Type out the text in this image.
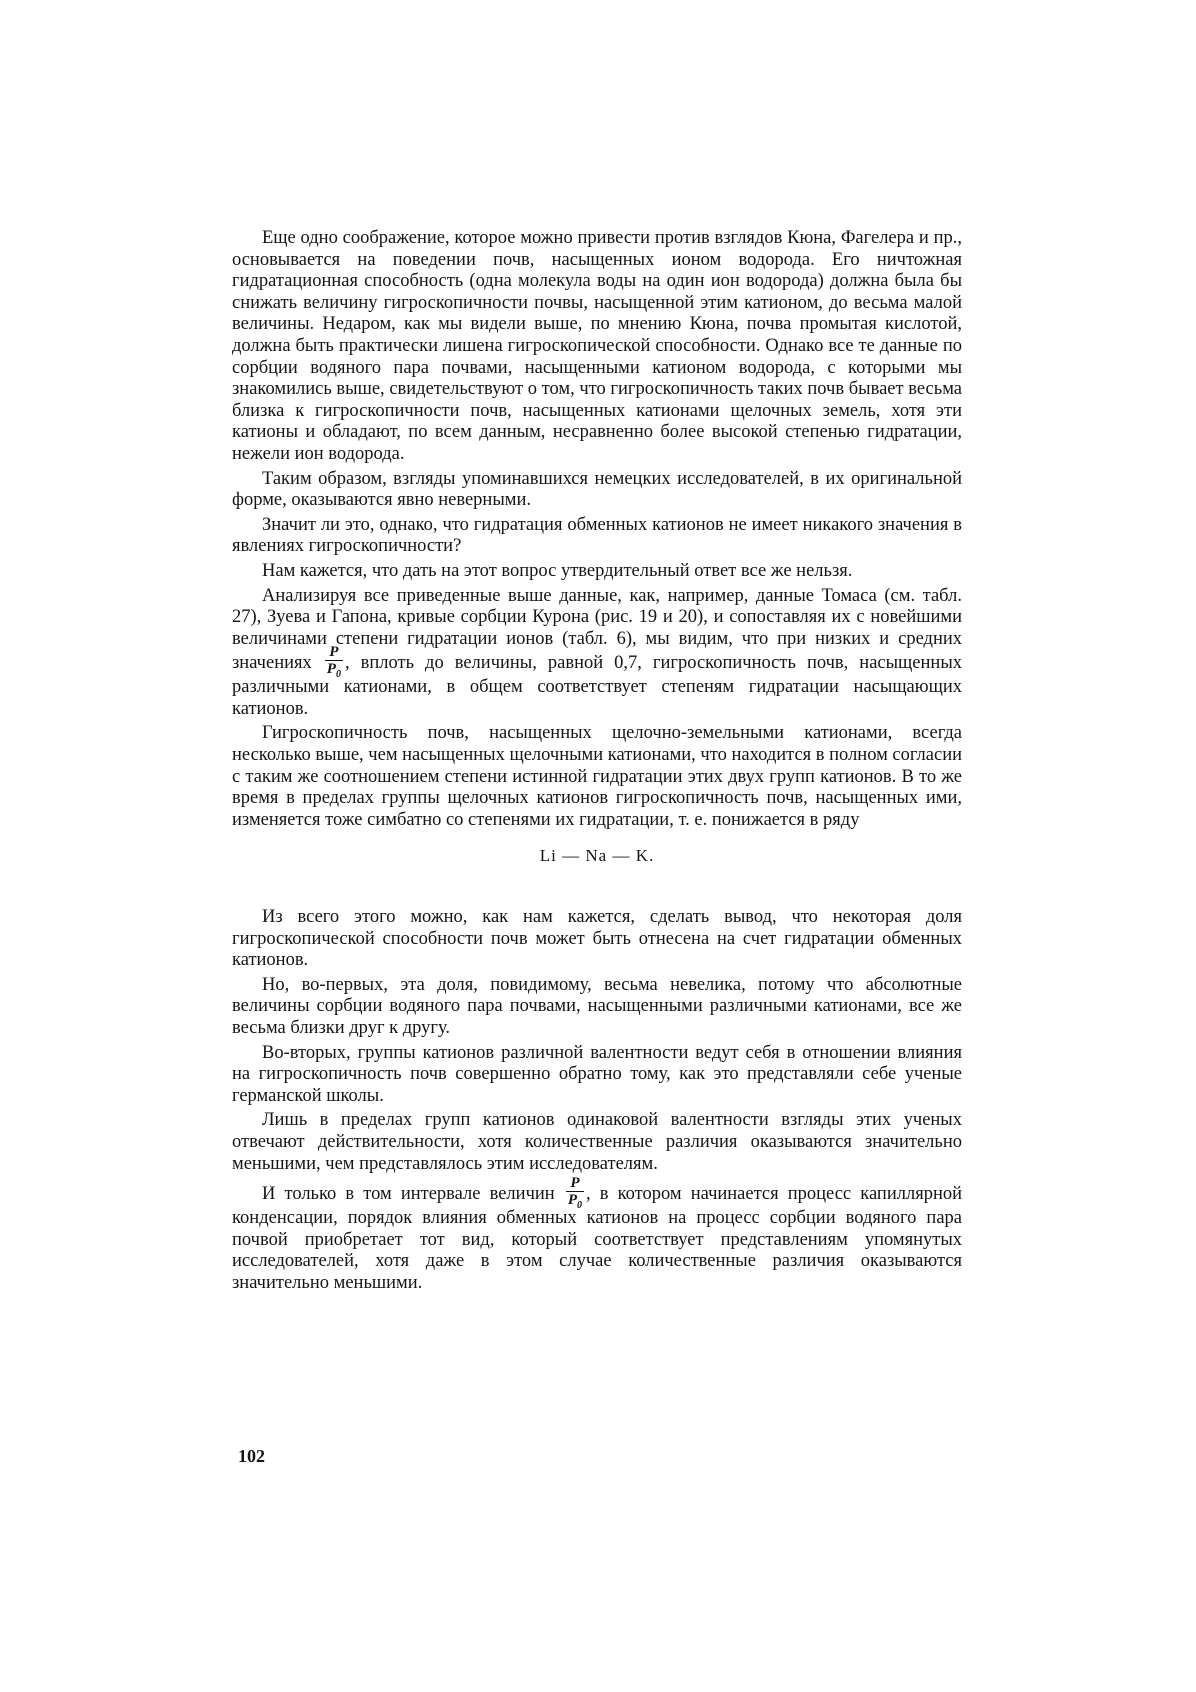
Еще одно соображение, которое можно привести против взглядов Кюна, Фагелера и пр., основывается на поведении почв, насыщенных ионом водорода. Его ничтожная гидратационная способность (одна молекула воды на один ион водорода) должна была бы снижать величину гигроскопичности почвы, насыщенной этим катионом, до весьма малой величины. Недаром, как мы видели выше, по мнению Кюна, почва промытая кислотой, должна быть практически лишена гигроскопической способности. Однако все те данные по сорбции водяного пара почвами, насыщенными катионом водорода, с которыми мы знакомились выше, свидетельствуют о том, что гигроскопичность таких почв бывает весьма близка к гигроскопичности почв, насыщенных катионами щелочных земель, хотя эти катионы и обладают, по всем данным, несравненно более высокой степенью гидратации, нежели ион водорода.

Таким образом, взгляды упоминавшихся немецких исследователей, в их оригинальной форме, оказываются явно неверными.

Значит ли это, однако, что гидратация обменных катионов не имеет никакого значения в явлениях гигроскопичности?

Нам кажется, что дать на этот вопрос утвердительный ответ все же нельзя.

Анализируя все приведенные выше данные, как, например, данные Томаса (см. табл. 27), Зуева и Гапона, кривые сорбции Курона (рис. 19 и 20), и сопоставляя их с новейшими величинами степени гидратации ионов (табл. 6), мы видим, что при низких и средних значениях $\frac{P}{P_0}$ , вплоть до величины, равной 0,7, гигроскопичность почв, насыщенных различными катионами, в общем соответствует степеням гидратации насыщающих катионов.

Гигроскопичность почв, насыщенных щелочно-земельными катионами, всегда несколько выше, чем насыщенных щелочными катионами, что находится в полном согласии с таким же соотношением степени истинной гидратации этих двух групп катионов. В то же время в пределах группы щелочных катионов гигроскопичность почв, насыщенных ими, изменяется тоже симбатно со степенями их гидратации, т. е. понижается в ряду

Li — Na — K.

Из всего этого можно, как нам кажется, сделать вывод, что некоторая доля гигроскопической способности почв может быть отнесена на счет гидратации обменных катионов.

Но, во-первых, эта доля, повидимому, весьма невелика, потому что абсолютные величины сорбции водяного пара почвами, насыщенными различными катионами, все же весьма близки друг к другу.

Во-вторых, группы катионов различной валентности ведут себя в отношении влияния на гигроскопичность почв совершенно обратно тому, как это представляли себе ученые германской школы.

Лишь в пределах групп катионов одинаковой валентности взгляды этих ученых отвечают действительности, хотя количественные различия оказываются значительно меньшими, чем представлялось этим исследователям.

И только в том интервале величин $\frac{P}{P_0}$ , в котором начинается процесс капиллярной конденсации, порядок влияния обменных катионов на процесс сорбции водяного пара почвой приобретает тот вид, который соответствует представлениям упомянутых исследователей, хотя даже в этом случае количественные различия оказываются значительно меньшими.

102
